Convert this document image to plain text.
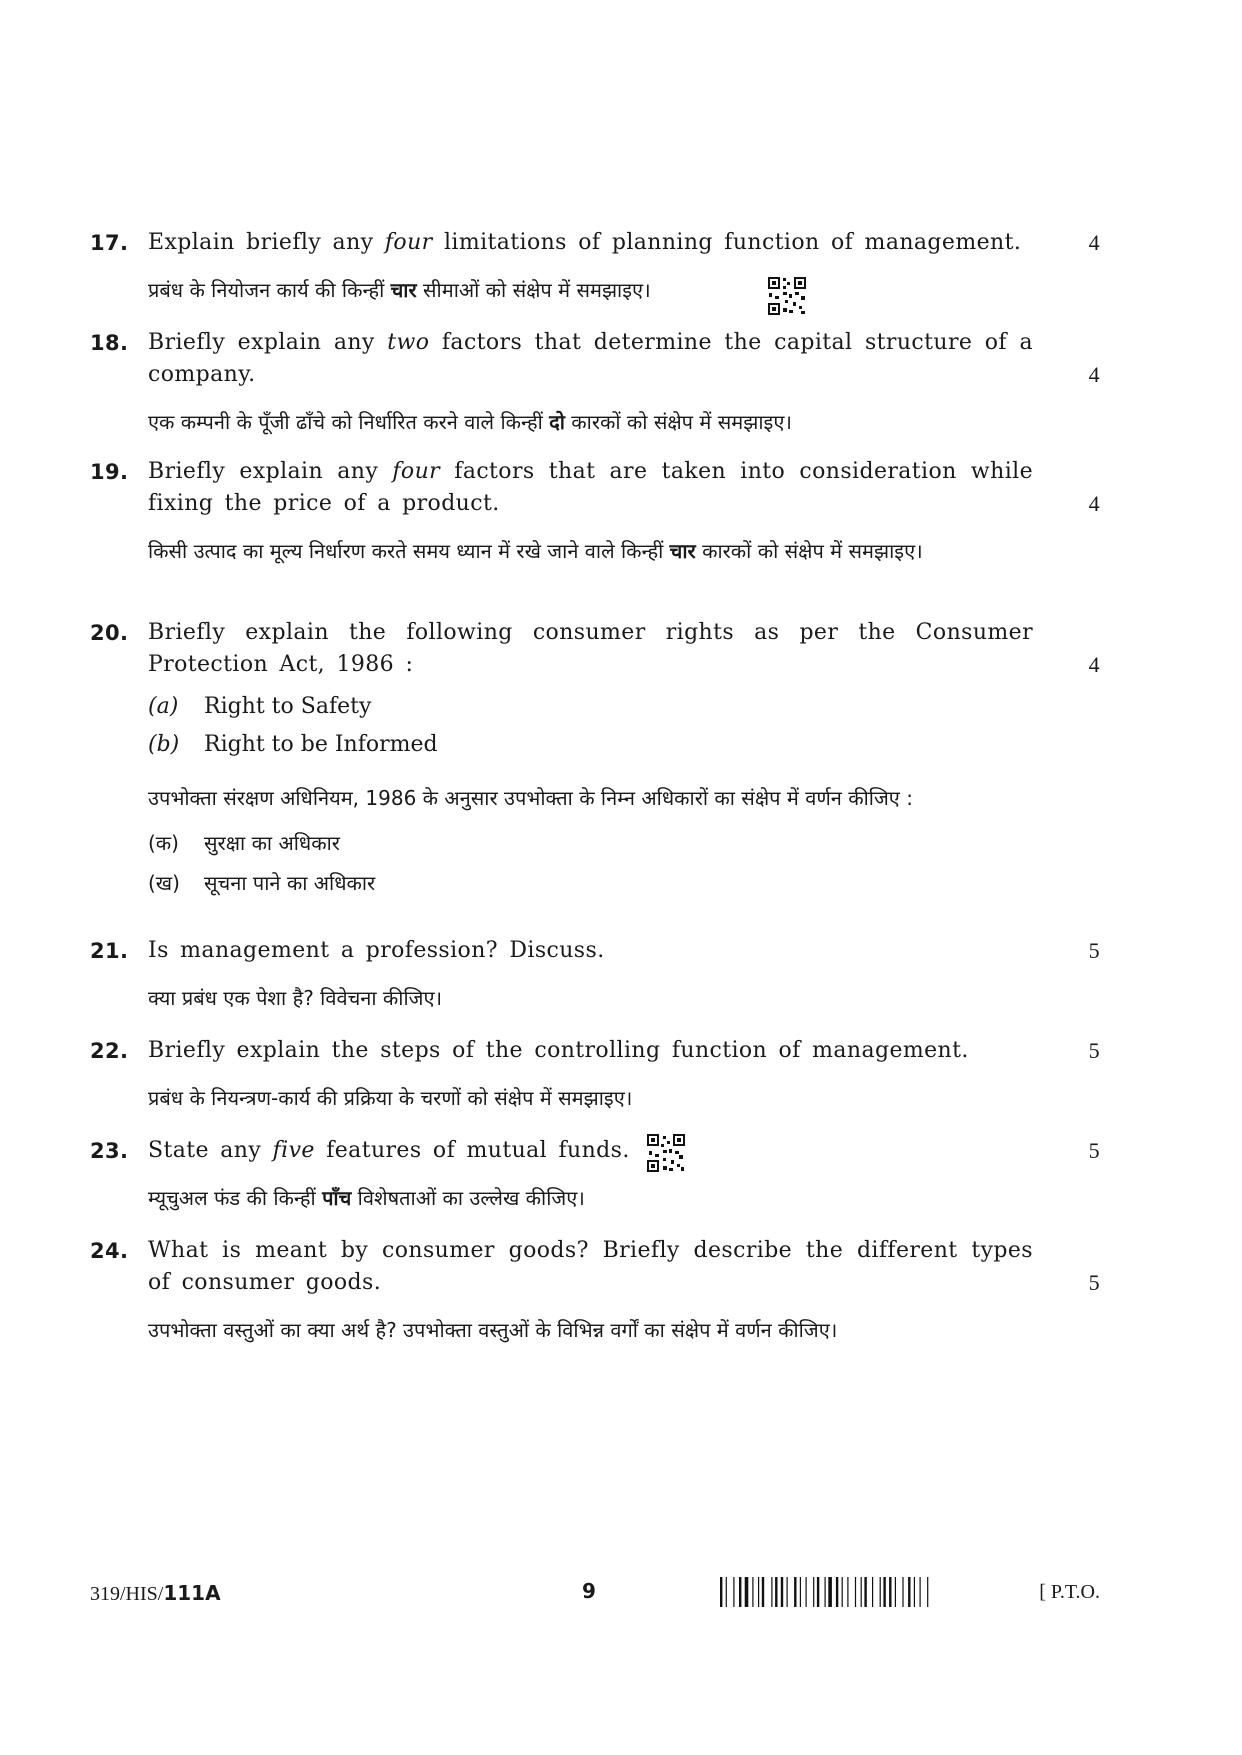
17. Explain briefly any four limitations of planning function of management.	4
प्रबंध के नियोजन कार्य की किन्हीं चार सीमाओं को संक्षेप में समझाइए।
18. Briefly explain any two factors that determine the capital structure of a company.	4
एक कम्पनी के पूँजी ढाँचे को निर्धारित करने वाले किन्हीं दो कारकों को संक्षेप में समझाइए।
19. Briefly explain any four factors that are taken into consideration while fixing the price of a product.	4
किसी उत्पाद का मूल्य निर्धारण करते समय ध्यान में रखे जाने वाले किन्हीं चार कारकों को संक्षेप में समझाइए।
20. Briefly explain the following consumer rights as per the Consumer Protection Act, 1986 :	4
(a) Right to Safety
(b) Right to be Informed
उपभोक्ता संरक्षण अधिनियम, 1986 के अनुसार उपभोक्ता के निम्न अधिकारों का संक्षेप में वर्णन कीजिए :
(क) सुरक्षा का अधिकार
(ख) सूचना पाने का अधिकार
21. Is management a profession? Discuss.	5
क्या प्रबंध एक पेशा है? विवेचना कीजिए।
22. Briefly explain the steps of the controlling function of management.	5
प्रबंध के नियन्त्रण-कार्य की प्रक्रिया के चरणों को संक्षेप में समझाइए।
23. State any five features of mutual funds.	5
म्यूचुअल फंड की किन्हीं पाँच विशेषताओं का उल्लेख कीजिए।
24. What is meant by consumer goods? Briefly describe the different types of consumer goods.	5
उपभोक्ता वस्तुओं का क्या अर्थ है? उपभोक्ता वस्तुओं के विभिन्न वर्गों का संक्षेप में वर्णन कीजिए।
319/HIS/111A	9	[ P.T.O.
